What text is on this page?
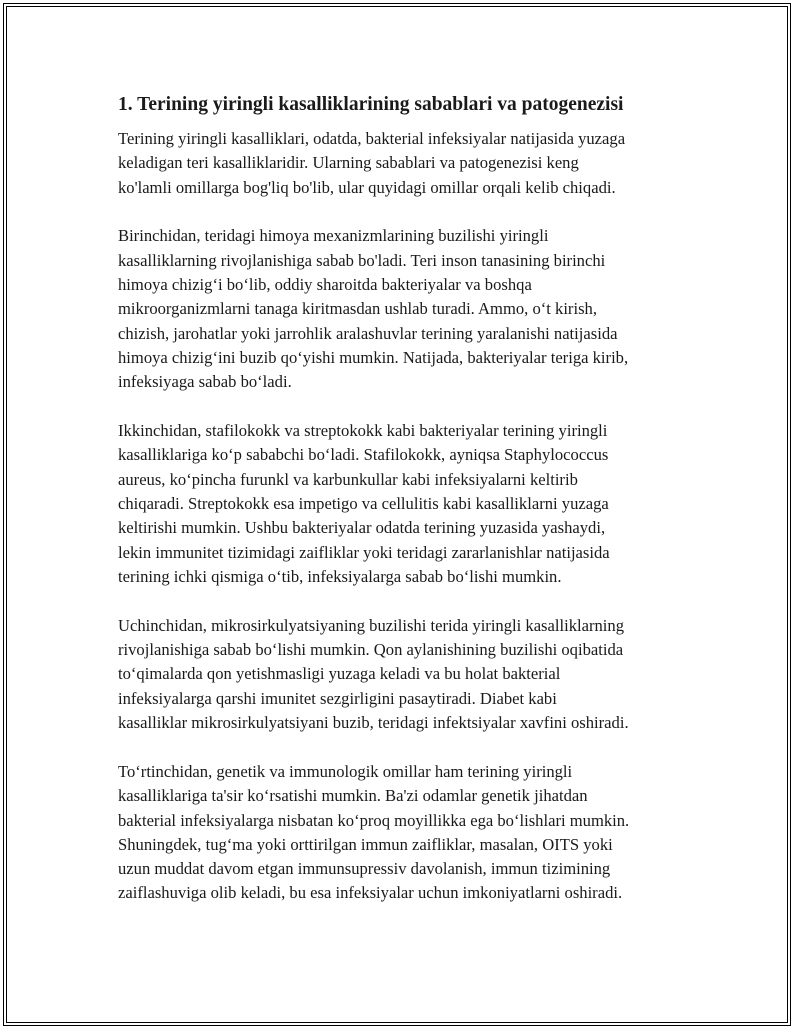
1. Terining yiringli kasalliklarining sabablari va patogenezisi

Terining yiringli kasalliklari, odatda, bakterial infeksiyalar natijasida yuzaga
keladigan teri kasalliklaridir. Ularning sabablari va patogenezisi keng
ko'lamli omillarga bog'liq bo'lib, ular quyidagi omillar orqali kelib chiqadi.

Birinchidan, teridagi himoya mexanizmlarining buzilishi yiringli
kasalliklarning rivojlanishiga sabab bo'ladi. Teri inson tanasining birinchi
himoya chizig‘i bo‘lib, oddiy sharoitda bakteriyalar va boshqa
mikroorganizmlarni tanaga kiritmasdan ushlab turadi. Ammo, o‘t kirish,
chizish, jarohatlar yoki jarrohlik aralashuvlar terining yaralanishi natijasida
himoya chizig‘ini buzib qo‘yishi mumkin. Natijada, bakteriyalar teriga kirib,
infeksiyaga sabab bo‘ladi.

Ikkinchidan, stafilokokk va streptokokk kabi bakteriyalar terining yiringli
kasalliklariga ko‘p sababchi bo‘ladi. Stafilokokk, ayniqsa Staphylococcus
aureus, ko‘pincha furunkl va karbunkullar kabi infeksiyalarni keltirib
chiqaradi. Streptokokk esa impetigo va cellulitis kabi kasalliklarni yuzaga
keltirishi mumkin. Ushbu bakteriyalar odatda terining yuzasida yashaydi,
lekin immunitet tizimidagi zaifliklar yoki teridagi zararlanishlar natijasida
terining ichki qismiga o‘tib, infeksiyalarga sabab bo‘lishi mumkin.

Uchinchidan, mikrosirkulyatsiyaning buzilishi terida yiringli kasalliklarning
rivojlanishiga sabab bo‘lishi mumkin. Qon aylanishining buzilishi oqibatida
to‘qimalarda qon yetishmasligi yuzaga keladi va bu holat bakterial
infeksiyalarga qarshi imunitet sezgirligini pasaytiradi. Diabet kabi
kasalliklar mikrosirkulyatsiyani buzib, teridagi infektsiyalar xavfini oshiradi.

To‘rtinchidan, genetik va immunologik omillar ham terining yiringli
kasalliklariga ta'sir ko‘rsatishi mumkin. Ba'zi odamlar genetik jihatdan
bakterial infeksiyalarga nisbatan ko‘proq moyillikka ega bo‘lishlari mumkin.
Shuningdek, tug‘ma yoki orttirilgan immun zaifliklar, masalan, OITS yoki
uzun muddat davom etgan immunsupressiv davolanish, immun tizimining
zaiflashuviga olib keladi, bu esa infeksiyalar uchun imkoniyatlarni oshiradi.
